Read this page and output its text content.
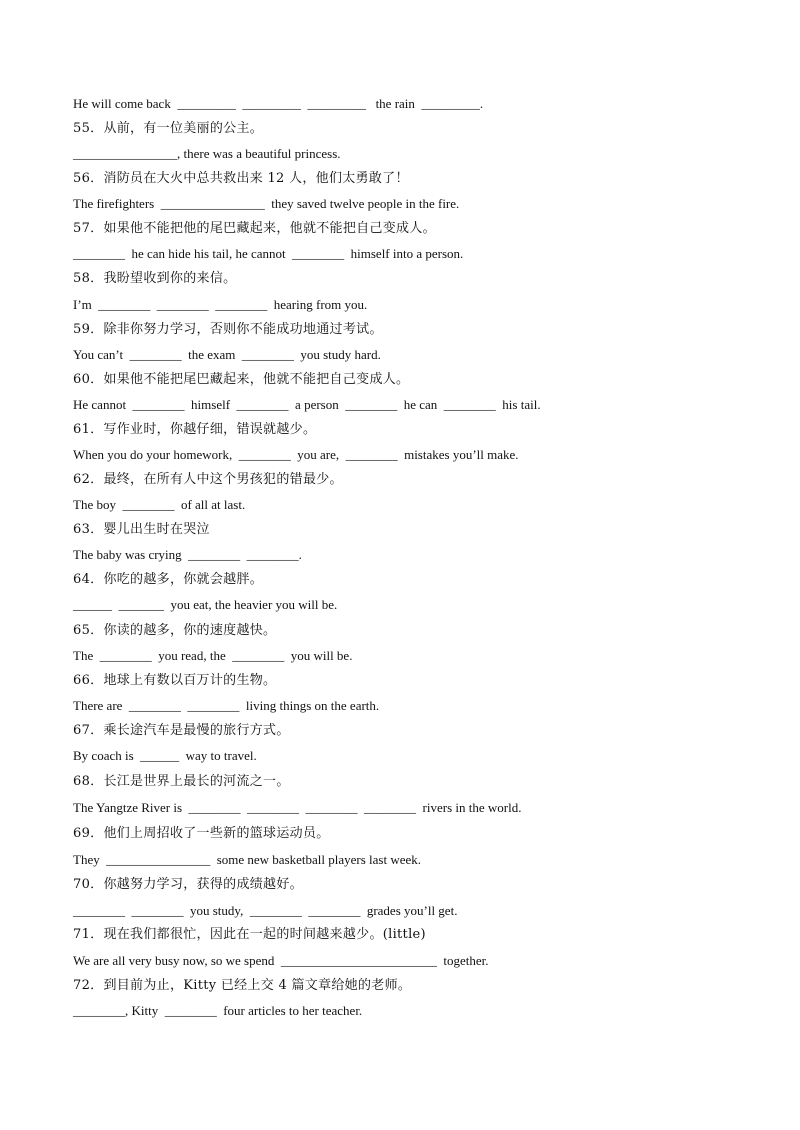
He will come back  _________  _________  _________   the rain  _________.
55．从前，有一位美丽的公主。
________________, there was a beautiful princess.
56．消防员在大火中总共救出来 12 人，他们太勇敢了！
The firefighters  ________________  they saved twelve people in the fire.
57．如果他不能把他的尾巴藏起来，他就不能把自己变成人。
________  he can hide his tail, he cannot  ________  himself into a person.
58．我盼望收到你的来信。
I’m  ________  ________  ________  hearing from you.
59．除非你努力学习，否则你不能成功地通过考试。
You can’t  ________  the exam  ________  you study hard.
60．如果他不能把尾巴藏起来，他就不能把自己变成人。
He cannot  ________  himself  ________  a person  ________  he can  ________  his tail.
61．写作业时，你越仔细，错误就越少。
When you do your homework,  ________  you are,  ________  mistakes you’ll make.
62．最终，在所有人中这个男孩犯的错最少。
The boy  ________  of all at last.
63．婴儿出生时在哭泣
The baby was crying  ________  ________.
64．你吃的越多，你就会越胖。
______  _______  you eat, the heavier you will be.
65．你读的越多，你的速度越快。
The  ________  you read, the  ________  you will be.
66．地球上有数以百万计的生物。
There are  ________  ________  living things on the earth.
67．乘长途汽车是最慢的旅行方式。
By coach is  ______  way to travel.
68．长江是世界上最长的河流之一。
The Yangtze River is  ________  ________  ________  ________  rivers in the world.
69．他们上周招收了一些新的篮球运动员。
They  ________________  some new basketball players last week.
70．你越努力学习，获得的成绩越好。
________  ________  you study,  ________  ________  grades you’ll get.
71．现在我们都很忙，因此在一起的时间越来越少。(little)
We are all very busy now, so we spend  ________________________  together.
72．到目前为止，Kitty 已经上交 4 篇文章给她的老师。
________, Kitty  ________  four articles to her teacher.
